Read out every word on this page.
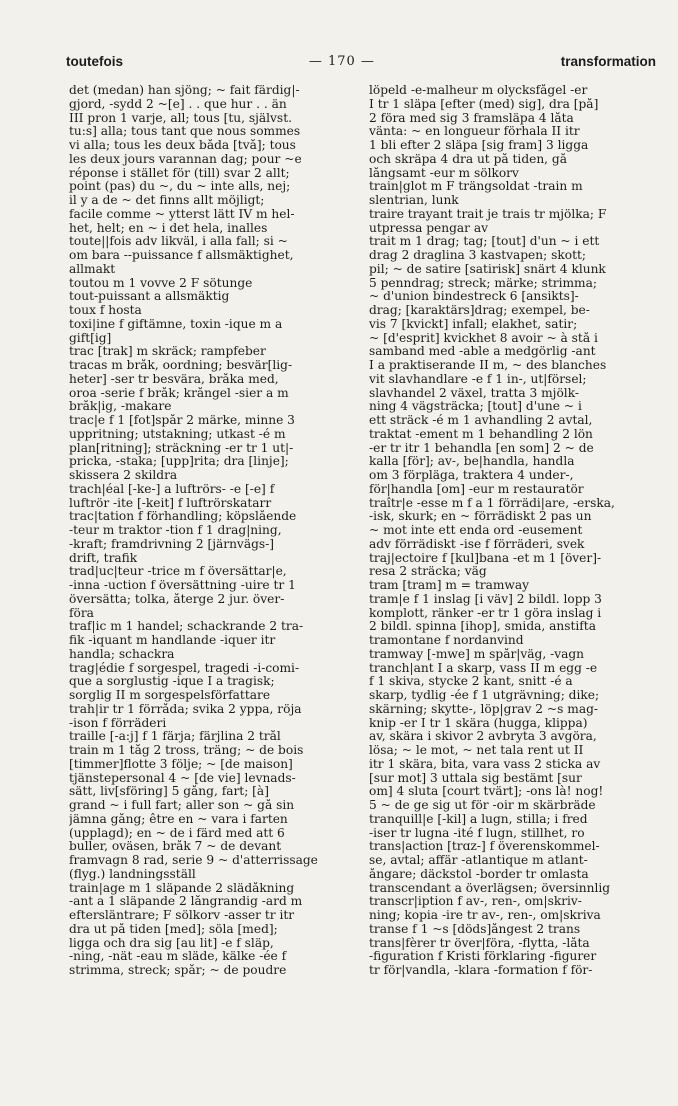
toutefois	— 170 —	transformation
det (medan) han sjöng; ~ fait färdig|-
gjord, -sydd 2 ~[e] . . que hur . . än
III pron 1 varje, all; tous [tu, självst.
tu:s] alla; tous tant que nous sommes
vi alla; tous les deux båda [två]; tous
les deux jours varannan dag; pour ~e
réponse i stället för (till) svar 2 allt;
point (pas) du ~, du ~ inte alls, nej;
il y a de ~ det finns allt möjligt;
facile comme ~ ytterst lätt IV m hel-
het, helt; en ~ i det hela, inalles
toute||fois adv likväl, i alla fall; si ~
om bara --puissance f allsmäktighet,
allmakt
toutou m 1 vovve 2 F sötunge
tout-puissant a allsmäktig
toux f hosta
toxi|ine f giftämne, toxin -ique m a
gift[ig]
trac [trak] m skräck; rampfeber
tracas m bråk, oordning; besvär[lig-
heter] -ser tr besvära, bråka med,
oroa -serie f bråk; krångel -sier a m
bråk|ig, -makare
trac|e f 1 [fot]spår 2 märke, minne 3
uppritning; utstakning; utkast -é m
plan[ritning]; sträckning -er tr 1 ut|-
pricka, -staka; [upp]rita; dra [linje];
skissera 2 skildra
trach|éal [-ke-] a luftrörs- -e [-e] f
luftrör -ite [-keit] f luftrörskatarr
trac|tation f förhandling; köpslående
-teur m traktor -tion f 1 drag|ning,
-kraft; framdrivning 2 [järnvägs-]
drift, trafik
trad|uc|teur -trice m f översättar|e,
-inna -uction f översättning -uire tr 1
översätta; tolka, återge 2 jur. över-
föra
traf|ic m 1 handel; schackrande 2 tra-
fik -iquant m handlande -iquer itr
handla; schackra
trag|édie f sorgespel, tragedi -i-comi-
que a sorglustig -ique I a tragisk;
sorglig II m sorgespelsförfattare
trah|ir tr 1 förråda; svika 2 yppa, röja
-ison f förräderi
traille [-a:j] f 1 färja; färjlina 2 trål
train m 1 tåg 2 tross, träng; ~ de bois
[timmer]flotte 3 följe; ~ [de maison]
tjänstepersonal 4 ~ [de vie] levnads-
sätt, liv[sföring] 5 gång, fart; [à]
grand ~ i full fart; aller son ~ gå sin
jämna gång; être en ~ vara i farten
(upplagd); en ~ de i färd med att 6
buller, oväsen, bråk 7 ~ de devant
framvagn 8 rad, serie 9 ~ d'atterrissage
(flyg.) landningsställ
train|age m 1 släpande 2 slädåkning
-ant a 1 släpande 2 långrandig -ard m
eftersläntrare; F sölkorv -asser tr itr
dra ut på tiden [med]; söla [med];
ligga och dra sig [au lit] -e f släp,
-ning, -nät -eau m släde, kälke -ée f
strimma, streck; spår; ~ de poudre
löpeld -e-malheur m olycksfågel -er
I tr 1 släpa [efter (med) sig], dra [på]
2 föra med sig 3 framsläpa 4 låta
vänta: ~ en longueur förhala II itr
1 bli efter 2 släpa [sig fram] 3 ligga
och skräpa 4 dra ut på tiden, gå
långsamt -eur m sölkorv
train|glot m F trängsoldat -train m
slentrian, lunk
traire trayant trait je trais tr mjölka; F
utpressa pengar av
trait m 1 drag; tag; [tout] d'un ~ i ett
drag 2 draglina 3 kastvapen; skott;
pil; ~ de satire [satirisk] snärt 4 klunk
5 penndrag; streck; märke; strimma;
~ d'union bindestreck 6 [ansikts]-
drag; [karaktärs]drag; exempel, be-
vis 7 [kvickt] infall; elakhet, satir;
~ [d'esprit] kvickhet 8 avoir ~ à stå i
samband med -able a medgörlig -ant
I a praktiserande II m, ~ des blanches
vit slavhandlare -e f 1 in-, ut|försel;
slavhandel 2 växel, tratta 3 mjölk-
ning 4 vägsträcka; [tout] d'une ~ i
ett sträck -é m 1 avhandling 2 avtal,
traktat -ement m 1 behandling 2 lön
-er tr itr 1 behandla [en som] 2 ~ de
kalla [för]; av-, be|handla, handla
om 3 förpläga, traktera 4 under-,
för|handla [om] -eur m restauratör
traîtr|e -esse m f a 1 förrädi|are, -erska,
-isk, skurk; en ~ förrädiskt 2 pas un
~ mot inte ett enda ord -eusement
adv förrädiskt -ise f förräderi, svek
traj|ectoire f [kul]bana -et m 1 [över]-
resa 2 sträcka; väg
tram [tram] m = tramway
tram|e f 1 inslag [i väv] 2 bildl. lopp 3
komplott, ränker -er tr 1 göra inslag i
2 bildl. spinna [ihop], smida, anstifta
tramontane f nordanvind
tramway [-mwe] m spår|väg, -vagn
tranch|ant I a skarp, vass II m egg -e
f 1 skiva, stycke 2 kant, snitt -é a
skarp, tydlig -ée f 1 utgrävning; dike;
skärning; skytte-, löp|grav 2 ~s mag-
knip -er I tr 1 skära (hugga, klippa)
av, skära i skivor 2 avbryta 3 avgöra,
lösa; ~ le mot, ~ net tala rent ut II
itr 1 skära, bita, vara vass 2 sticka av
[sur mot] 3 uttala sig bestämt [sur
om] 4 sluta [court tvärt]; -ons là! nog!
5 ~ de ge sig ut för -oir m skärbräde
tranquill|e [-kil] a lugn, stilla; i fred
-iser tr lugna -ité f lugn, stillhet, ro
trans|action [trɑz-] f överenskommel-
se, avtal; affär -atlantique m atlant-
ångare; däckstol -border tr omlasta
transcendant a överlägsen; översinnlig
transcr|iption f av-, ren-, om|skriv-
ning; kopia -ire tr av-, ren-, om|skriva
transe f 1 ~s [döds]ångest 2 trans
trans|fèrer tr över|föra, -flytta, -låta
-figuration f Kristi förklaring -figurer
tr för|vandla, -klara -formation f för-
